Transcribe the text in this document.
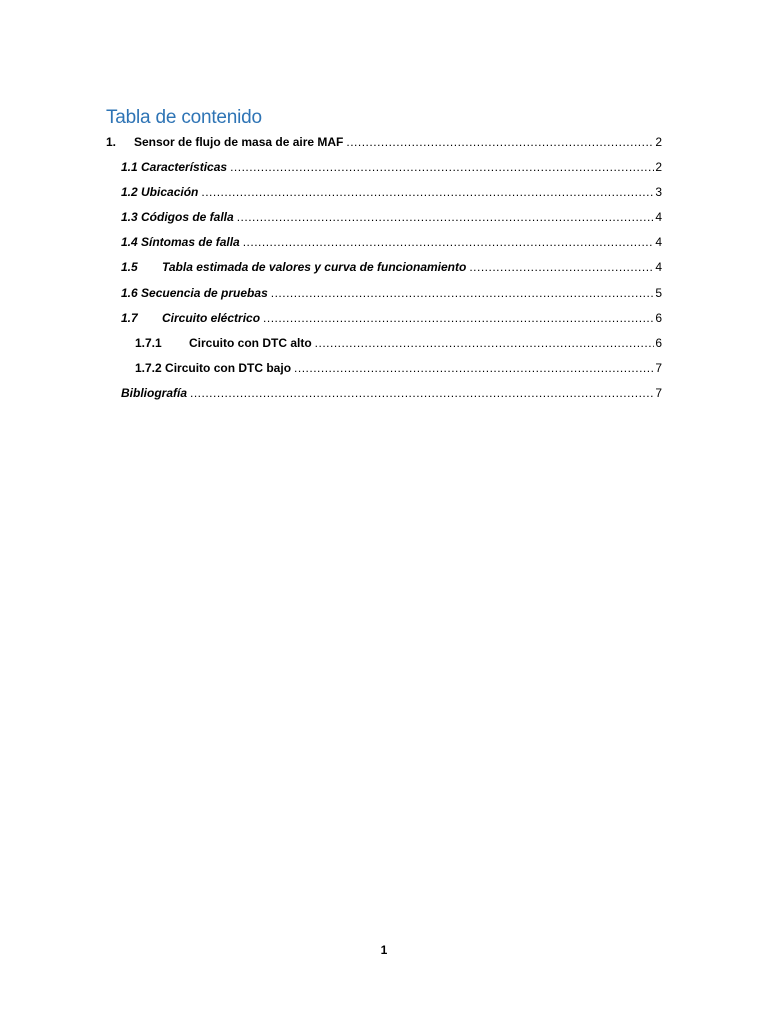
Tabla de contenido
1.	Sensor de flujo de masa de aire MAF .....	2
1.1 Características .....	2
1.2 Ubicación .....	3
1.3 Códigos de falla .....	4
1.4 Síntomas de falla .....	4
1.5	Tabla estimada de valores y curva de funcionamiento .....	4
1.6 Secuencia de pruebas .....	5
1.7	Circuito eléctrico .....	6
1.7.1	Circuito con DTC alto .....	6
1.7.2 Circuito con DTC bajo .....	7
Bibliografía .....	7
1
